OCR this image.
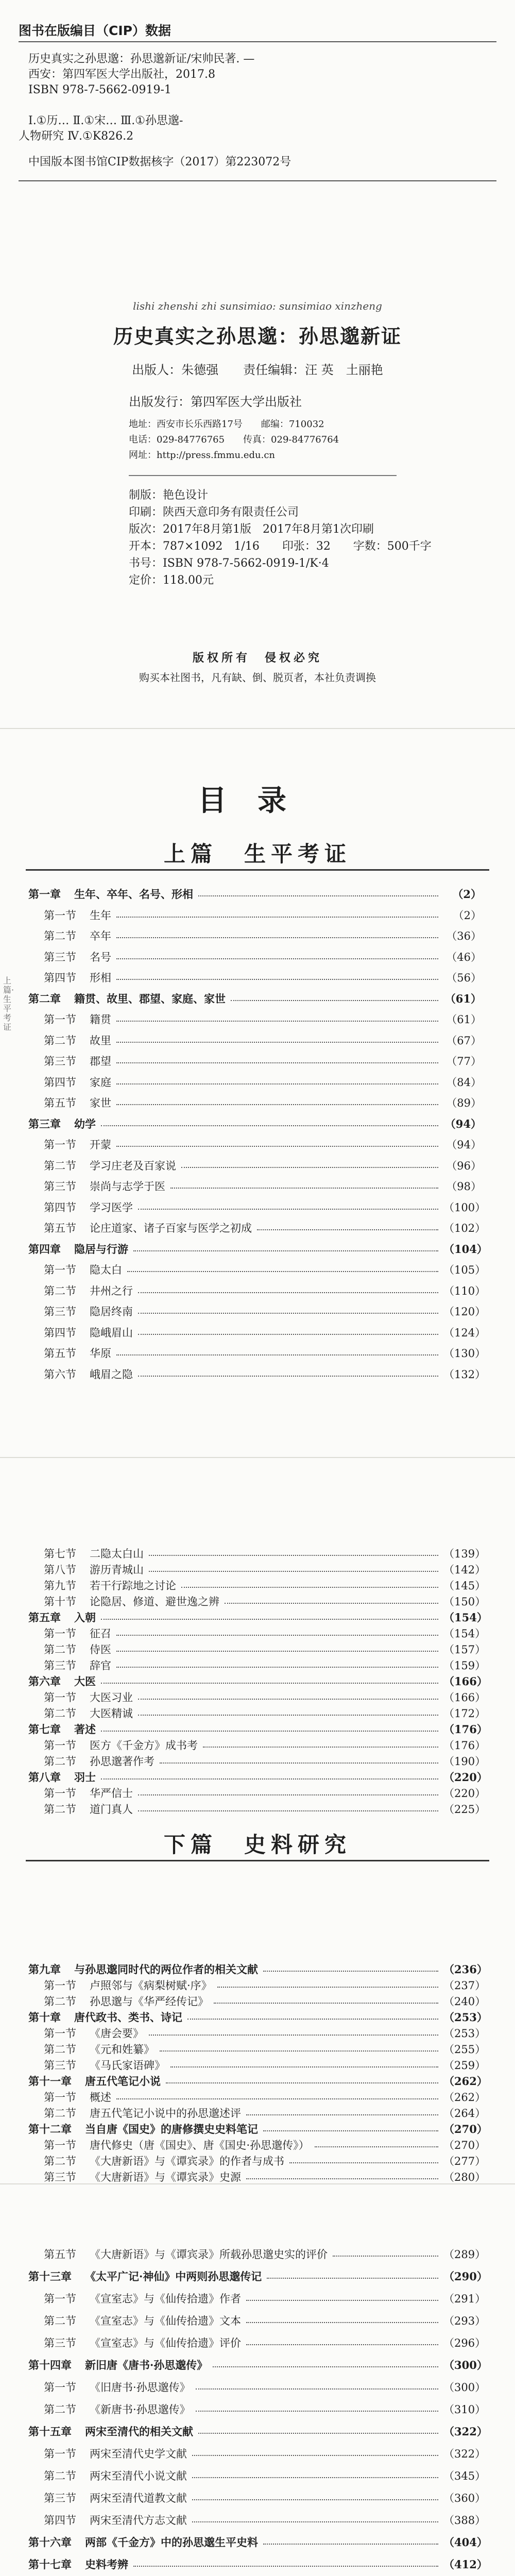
图书在版编目（CIP）数据
历史真实之孙思邈：孙思邈新证/宋帅民著. —
西安：第四军医大学出版社，2017.8
ISBN 978-7-5662-0919-1
Ⅰ.①历… Ⅱ.①宋… Ⅲ.①孙思邈-
人物研究 Ⅳ.①K826.2
中国版本图书馆CIP数据核字（2017）第223072号
lishi zhenshi zhi sunsimiao: sunsimiao xinzheng
历史真实之孙思邈：孙思邈新证
出版人：朱德强　　责任编辑：汪 英　土丽艳
出版发行：第四军医大学出版社
地址：西安市长乐西路17号　　邮编：710032
电话：029-84776765　　传真：029-84776764
网址：http://press.fmmu.edu.cn
制版：艳色设计
印刷：陕西天意印务有限责任公司
版次：2017年8月第1版　2017年8月第1次印刷
开本：787×1092　1/16　　印张：32　　字数：500千字
书号：ISBN 978-7-5662-0919-1/K·4
定价：118.00元
版权所有　侵权必究
购买本社图书，凡有缺、倒、脱页者，本社负责调换
目录
上篇　生平考证
第一章 生年、卒年、名号、形相	（2）
第一节 生年	（2）
第二节 卒年	（36）
第三节 名号	（46）
第四节 形相	（56）
第二章 籍贯、故里、郡望、家庭、家世	（61）
第一节 籍贯	（61）
第二节 故里	（67）
第三节 郡望	（77）
第四节 家庭	（84）
第五节 家世	（89）
第三章 幼学	（94）
第一节 开蒙	（94）
第二节 学习庄老及百家说	（96）
第三节 崇尚与志学于医	（98）
第四节 学习医学	（100）
第五节 论庄道家、诸子百家与医学之初成	（102）
第四章 隐居与行游	（104）
第一节 隐太白	（105）
第二节 井州之行	（110）
第三节 隐居终南	（120）
第四节 隐峨眉山	（124）
第五节 华原	（130）
第六节 峨眉之隐	（132）
上篇·生平考证
第七节 二隐太白山	（139）
第八节 游历青城山	（142）
第九节 若干行踪地之讨论	（145）
第十节 论隐居、修道、避世逸之辨	（150）
第五章 入朝	（154）
第一节 征召	（154）
第二节 侍医	（157）
第三节 辞官	（159）
第六章 大医	（166）
第一节 大医习业	（166）
第二节 大医精诚	（172）
第七章 著述	（176）
第一节 医方《千金方》成书考	（176）
第二节 孙思邈著作考	（190）
第八章 羽士	（220）
第一节 华严信士	（220）
第二节 道门真人	（225）
第九章 与孙思邈同时代的两位作者的相关文献	（236）
第一节 卢照邻与《病梨树赋·序》	（237）
第二节 孙思邈与《华严经传记》	（240）
第十章 唐代政书、类书、诗记	（253）
第一节 《唐会要》	（253）
第二节 《元和姓纂》	（255）
第三节 《马氏家语碑》	（259）
第十一章 唐五代笔记小说	（262）
第一节 概述	（262）
第二节 唐五代笔记小说中的孙思邈述评	（264）
第十二章 当自唐《国史》的唐修撰史史料笔记	（270）
第一节 唐代修史（唐《国史》、唐《国史·孙思邈传》）	（270）
第二节 《大唐新语》与《谭宾录》的作者与成书	（277）
第三节 《大唐新语》与《谭宾录》史源	（280）
下篇　史料研究
第五节 《大唐新语》与《谭宾录》所载孙思邈史实的评价	（289）
第十三章 《太平广记·神仙》中两则孙思邈传记	（290）
第一节 《宣室志》与《仙传拾遗》作者	（291）
第二节 《宣室志》与《仙传拾遗》文本	（293）
第三节 《宣室志》与《仙传拾遗》评价	（296）
第十四章 新旧唐《唐书·孙思邈传》	（300）
第一节 《旧唐书·孙思邈传》	（300）
第二节 《新唐书·孙思邈传》	（310）
第十五章 两宋至清代的相关文献	（322）
第一节 两宋至清代史学文献	（322）
第二节 两宋至清代小说文献	（345）
第三节 两宋至清代道教文献	（360）
第四节 两宋至清代方志文献	（388）
第十六章 两部《千金方》中的孙思邈生平史料	（404）
第十七章 史料考辨	（412）
